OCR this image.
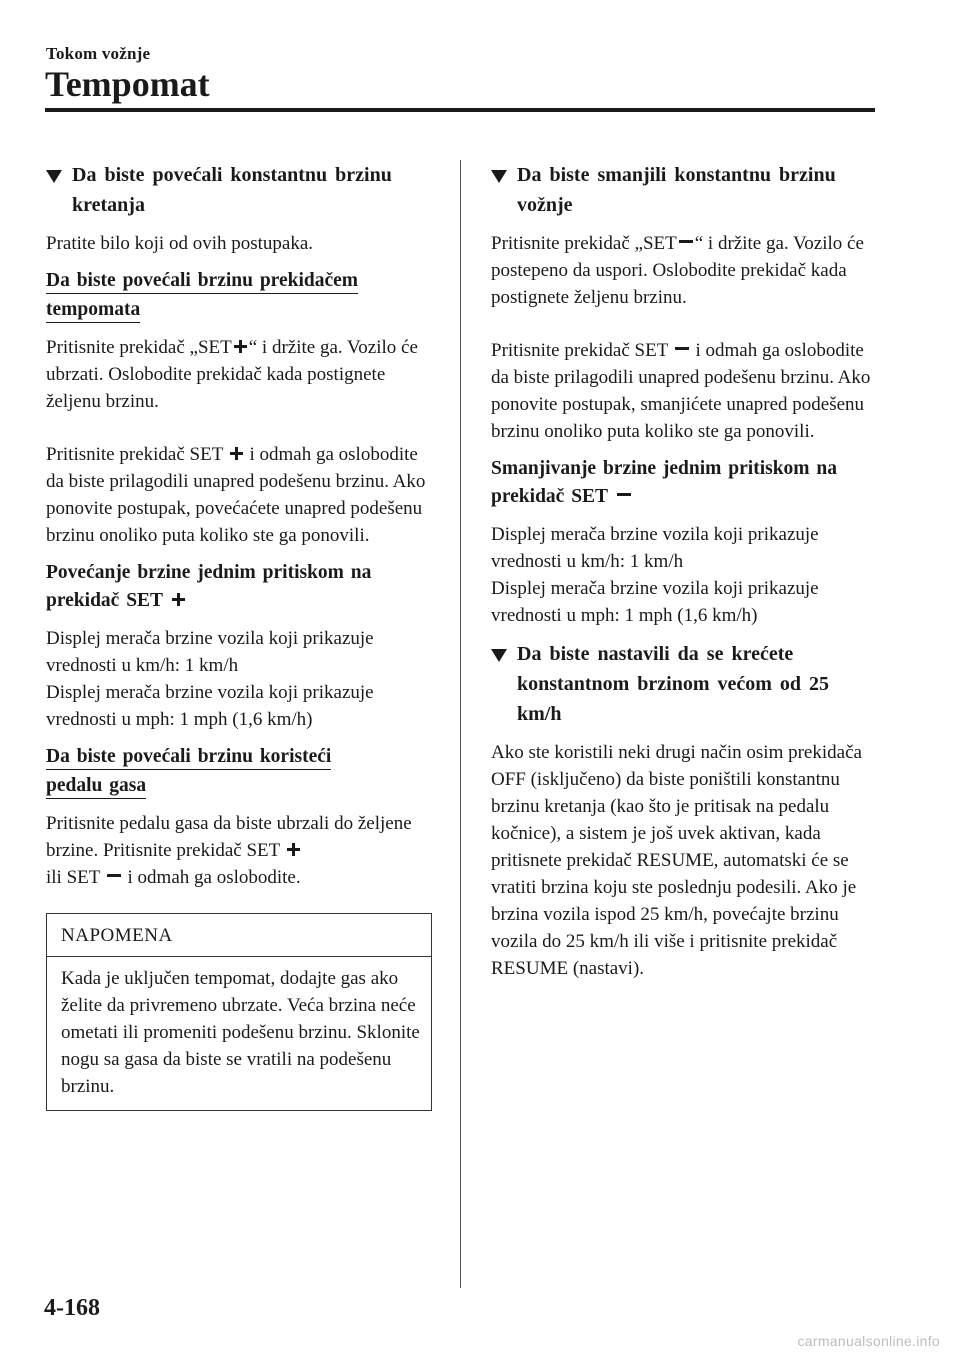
Tokom vožnje
Tempomat
Da biste povećali konstantnu brzinu kretanja

Pratite bilo koji od ovih postupaka.

Da biste povećali brzinu prekidačem
tempomata

Pritisnite prekidač „SET “ i držite ga. Vozilo će ubrzati. Oslobodite prekidač kada postignete željenu brzinu.

Pritisnite prekidač SET  i odmah ga oslobodite da biste prilagodili unapred podešenu brzinu. Ako ponovite postupak, povećaćete unapred podešenu brzinu onoliko puta koliko ste ga ponovili.

Povećanje brzine jednim pritiskom na prekidač SET

Displej merača brzine vozila koji prikazuje vrednosti u km/h: 1 km/h

Displej merača brzine vozila koji prikazuje vrednosti u mph: 1 mph (1,6 km/h)

Da biste povećali brzinu koristeći
pedalu gasa

Pritisnite pedalu gasa da biste ubrzali do željene brzine. Pritisnite prekidač SET
ili SET  i odmah ga oslobodite.

NAPOMENA
Kada je uključen tempomat, dodajte gas ako želite da privremeno ubrzate. Veća brzina neće ometati ili promeniti podešenu brzinu. Sklonite nogu sa gasa da biste se vratili na podešenu brzinu.
Da biste smanjili konstantnu brzinu vožnje

Pritisnite prekidač „SET “ i držite ga. Vozilo će postepeno da uspori. Oslobodite prekidač kada postignete željenu brzinu.

Pritisnite prekidač SET  i odmah ga oslobodite da biste prilagodili unapred podešenu brzinu. Ako ponovite postupak, smanjićete unapred podešenu brzinu onoliko puta koliko ste ga ponovili.

Smanjivanje brzine jednim pritiskom na prekidač SET

Displej merača brzine vozila koji prikazuje vrednosti u km/h: 1 km/h

Displej merača brzine vozila koji prikazuje vrednosti u mph: 1 mph (1,6 km/h)

Da biste nastavili da se krećete konstantnom brzinom većom od 25 km/h

Ako ste koristili neki drugi način osim prekidača OFF (isključeno) da biste poništili konstantnu brzinu kretanja (kao što je pritisak na pedalu kočnice), a sistem je još uvek aktivan, kada pritisnete prekidač RESUME, automatski će se vratiti brzina koju ste poslednju podesili. Ako je brzina vozila ispod 25 km/h, povećajte brzinu vozila do 25 km/h ili više i pritisnite prekidač RESUME (nastavi).

4-168
carmanualsonline.info
